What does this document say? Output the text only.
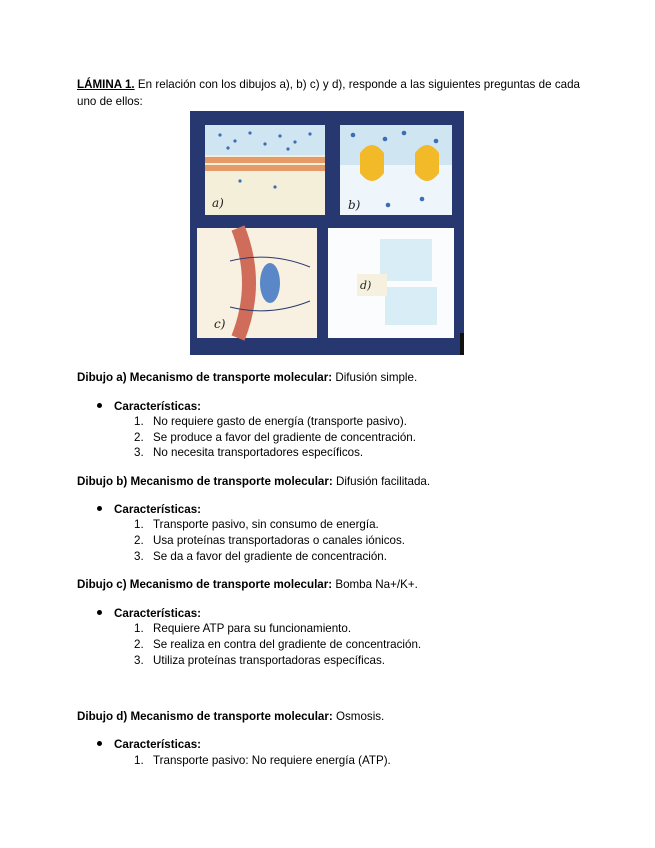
LÁMINA 1. En relación con los dibujos a), b) c) y d), responde a las siguientes preguntas de cada uno de ellos:
a)	b)
c)
d)
Dibujo a) Mecanismo de transporte molecular: Difusión simple.
Características:
1. No requiere gasto de energía (transporte pasivo).
2. Se produce a favor del gradiente de concentración.
3. No necesita transportadores específicos.
Dibujo b) Mecanismo de transporte molecular: Difusión facilitada.
Características:
1. Transporte pasivo, sin consumo de energía.
2. Usa proteínas transportadoras o canales iónicos.
3. Se da a favor del gradiente de concentración.
Dibujo c) Mecanismo de transporte molecular: Bomba Na+/K+.
Características:
1. Requiere ATP para su funcionamiento.
2. Se realiza en contra del gradiente de concentración.
3. Utiliza proteínas transportadoras específicas.
Dibujo d) Mecanismo de transporte molecular: Osmosis.
Características:
1. Transporte pasivo: No requiere energía (ATP).
